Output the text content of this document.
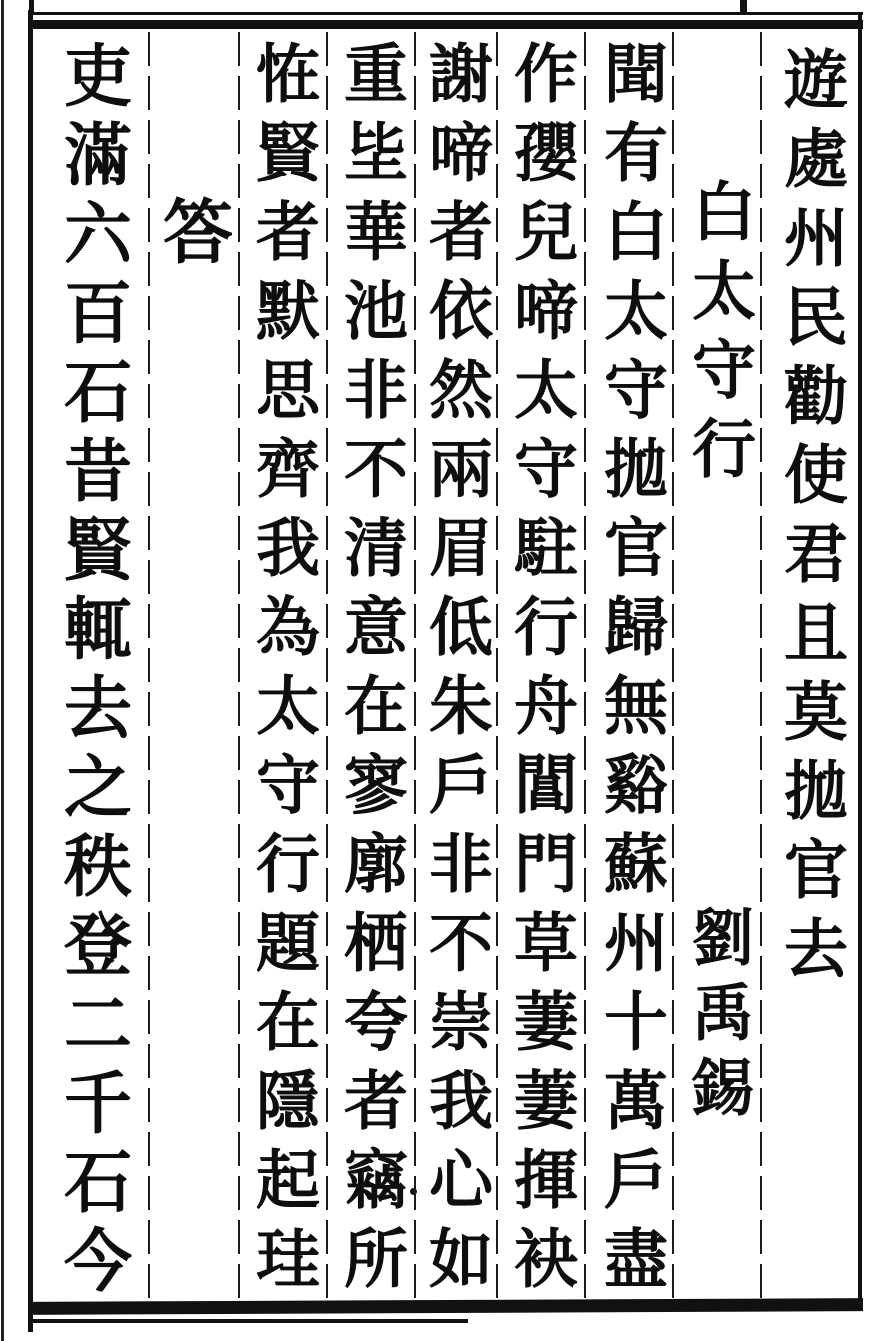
遊處州民勸使君且莫拋官去
白太守行
劉禹錫
聞有白太守拋官歸無谿蘇州十萬戶盡
作孾兒啼太守駐行舟閶門草萋萋揮袂
謝啼者依然兩眉低朱戶非不崇我心如
重坒華池非不清意在寥廓栖夸者竊所
恠賢者默思齊我為太守行題在隱起珪
答
吏滿六百石昔賢輒去之秩登二千石今
